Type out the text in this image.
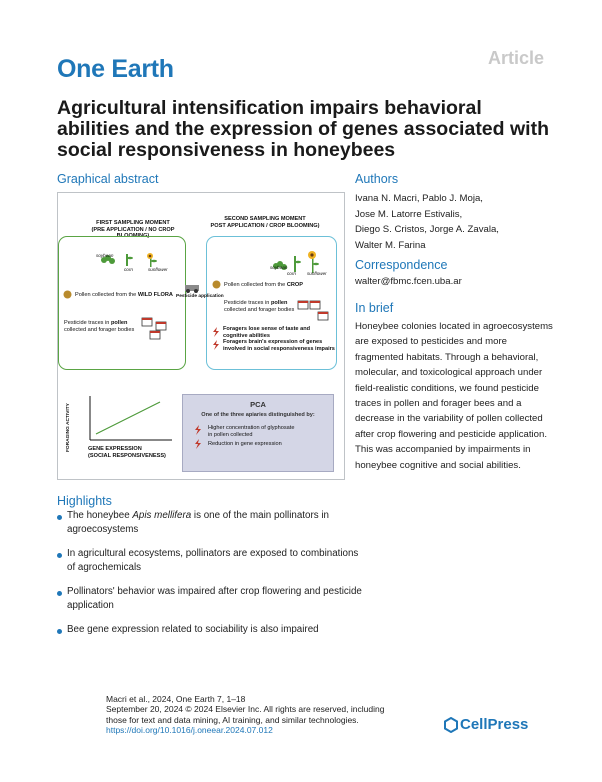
One Earth	Article
Agricultural intensification impairs behavioral abilities and the expression of genes associated with social responsiveness in honeybees
Graphical abstract
FIRST SAMPLING MOMENT
(PRE APPLICATION / NO CROP BLOOMING)
SECOND SAMPLING MOMENT
POST APPLICATION / CROP BLOOMING)
soybean
corn	sunflower	soybean
corn sunflower
Pollen collected from the WILD FLORA
Pollen collected from the CROP
Pesticide application
Pesticide traces in pollen
collected and forager bodies
Pesticide traces in pollen
collected and forager bodies
Foragers lose sense of taste and
cognitive abilities
Foragers brain's expression of genes
involved in social responsiveness impairs
FORAGING ACTIVITY	GENE EXPRESSION
(SOCIAL RESPONSIVENESS)
PCA
One of the three apiaries distinguished by:
Higher concentration of glyphosate
in pollen collected
Reduction in gene expression
Authors
Ivana N. Macri, Pablo J. Moja,
Jose M. Latorre Estivalis,
Diego S. Cristos, Jorge A. Zavala,
Walter M. Farina
Correspondence
walter@fbmc.fcen.uba.ar
In brief
Honeybee colonies located in agroecosystems are exposed to pesticides and more fragmented habitats. Through a behavioral, molecular, and toxicological approach under field-realistic conditions, we found pesticide traces in pollen and forager bees and a decrease in the variability of pollen collected after crop flowering and pesticide application. This was accompanied by impairments in honeybee cognitive and social abilities.
Highlights
The honeybee Apis mellifera is one of the main pollinators in agroecosystems
In agricultural ecosystems, pollinators are exposed to combinations of agrochemicals
Pollinators' behavior was impaired after crop flowering and pesticide application
Bee gene expression related to sociability is also impaired
Macri et al., 2024, One Earth 7, 1–18
September 20, 2024 © 2024 Elsevier Inc. All rights are reserved, including
those for text and data mining, AI training, and similar technologies.
https://doi.org/10.1016/j.oneear.2024.07.012	CellPress
